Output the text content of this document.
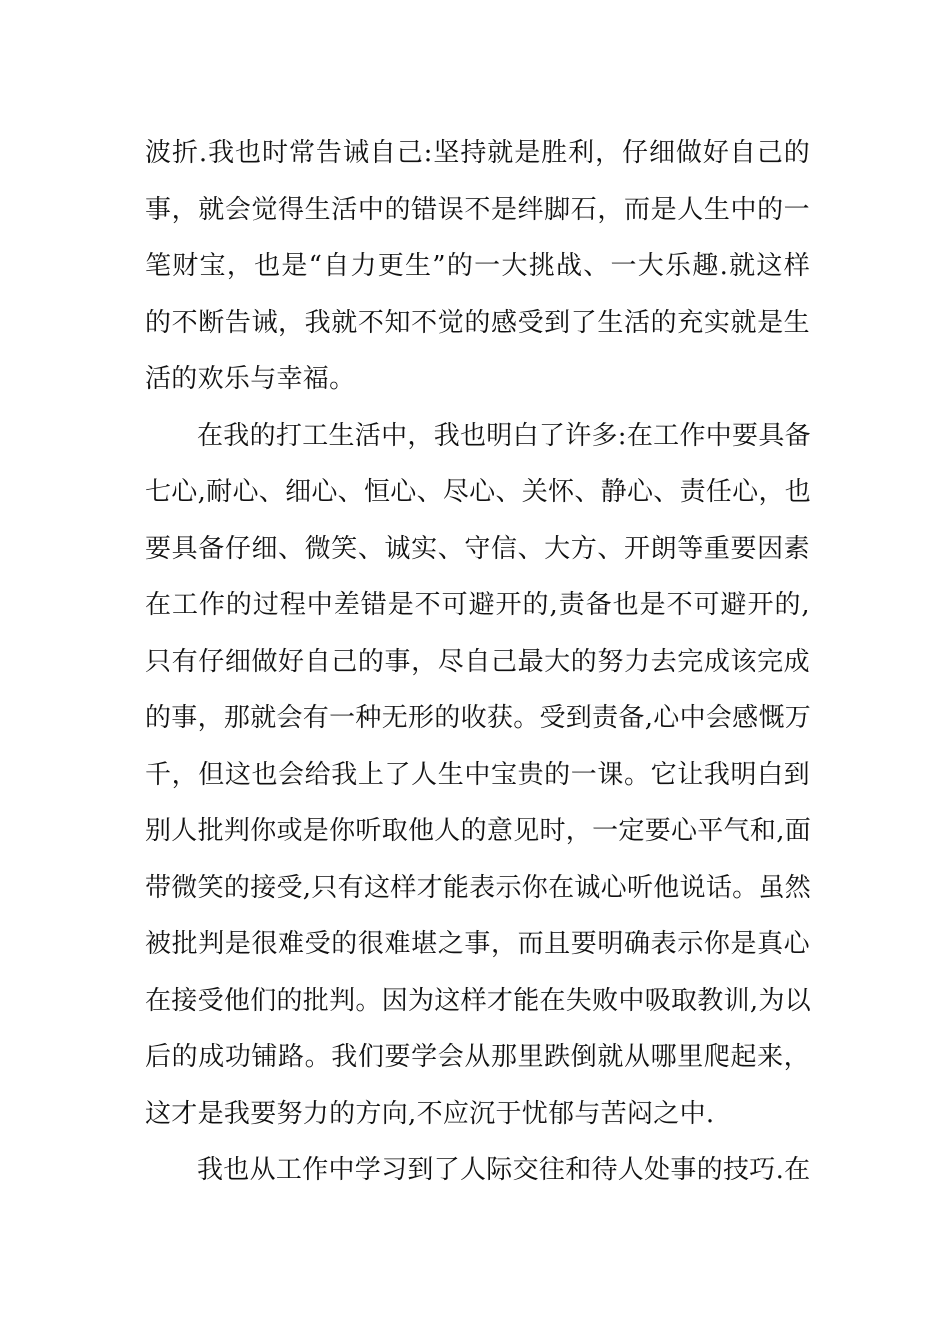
波折.我也时常告诫自己:坚持就是胜利，仔细做好自己的
事，就会觉得生活中的错误不是绊脚石，而是人生中的一
笔财宝，也是“自力更生”的一大挑战、一大乐趣.就这样
的不断告诫，我就不知不觉的感受到了生活的充实就是生
活的欢乐与幸福。
在我的打工生活中，我也明白了许多:在工作中要具备
七心,耐心、细心、恒心、尽心、关怀、静心、责任心，也
要具备仔细、微笑、诚实、守信、大方、开朗等重要因素
在工作的过程中差错是不可避开的,责备也是不可避开的,
只有仔细做好自己的事，尽自己最大的努力去完成该完成
的事，那就会有一种无形的收获。受到责备,心中会感慨万
千，但这也会给我上了人生中宝贵的一课。它让我明白到
别人批判你或是你听取他人的意见时，一定要心平气和,面
带微笑的接受,只有这样才能表示你在诚心听他说话。虽然
被批判是很难受的很难堪之事，而且要明确表示你是真心
在接受他们的批判。因为这样才能在失败中吸取教训,为以
后的成功铺路。我们要学会从那里跌倒就从哪里爬起来，
这才是我要努力的方向,不应沉于忧郁与苦闷之中.
我也从工作中学习到了人际交往和待人处事的技巧.在
